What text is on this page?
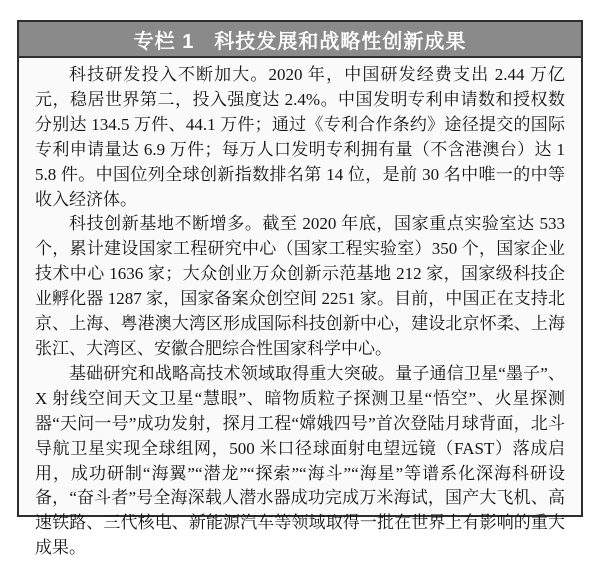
专栏 1 科技发展和战略性创新成果

科技研发投入不断加大。2020 年，中国研发经费支出 2.44 万亿元，稳居世界第二，投入强度达 2.4%。中国发明专利申请数和授权数分别达 134.5 万件、44.1 万件；通过《专利合作条约》途径提交的国际专利申请量达 6.9 万件；每万人口发明专利拥有量（不含港澳台）达 15.8 件。中国位列全球创新指数排名第 14 位，是前 30 名中唯一的中等收入经济体。

科技创新基地不断增多。截至 2020 年底，国家重点实验室达 533 个，累计建设国家工程研究中心（国家工程实验室）350 个，国家企业技术中心 1636 家；大众创业万众创新示范基地 212 家，国家级科技企业孵化器 1287 家，国家备案众创空间 2251 家。目前，中国正在支持北京、上海、粤港澳大湾区形成国际科技创新中心，建设北京怀柔、上海张江、大湾区、安徽合肥综合性国家科学中心。

基础研究和战略高技术领域取得重大突破。量子通信卫星“墨子”、X 射线空间天文卫星“慧眼”、暗物质粒子探测卫星“悟空”、火星探测器“天问一号”成功发射，探月工程“嫦娥四号”首次登陆月球背面，北斗导航卫星实现全球组网，500 米口径球面射电望远镜（FAST）落成启用，成功研制“海翼”“潜龙”“探索”“海斗”“海星”等谱系化深海科研设备，“奋斗者”号全海深载人潜水器成功完成万米海试，国产大飞机、高速铁路、三代核电、新能源汽车等领域取得一批在世界上有影响的重大成果。
